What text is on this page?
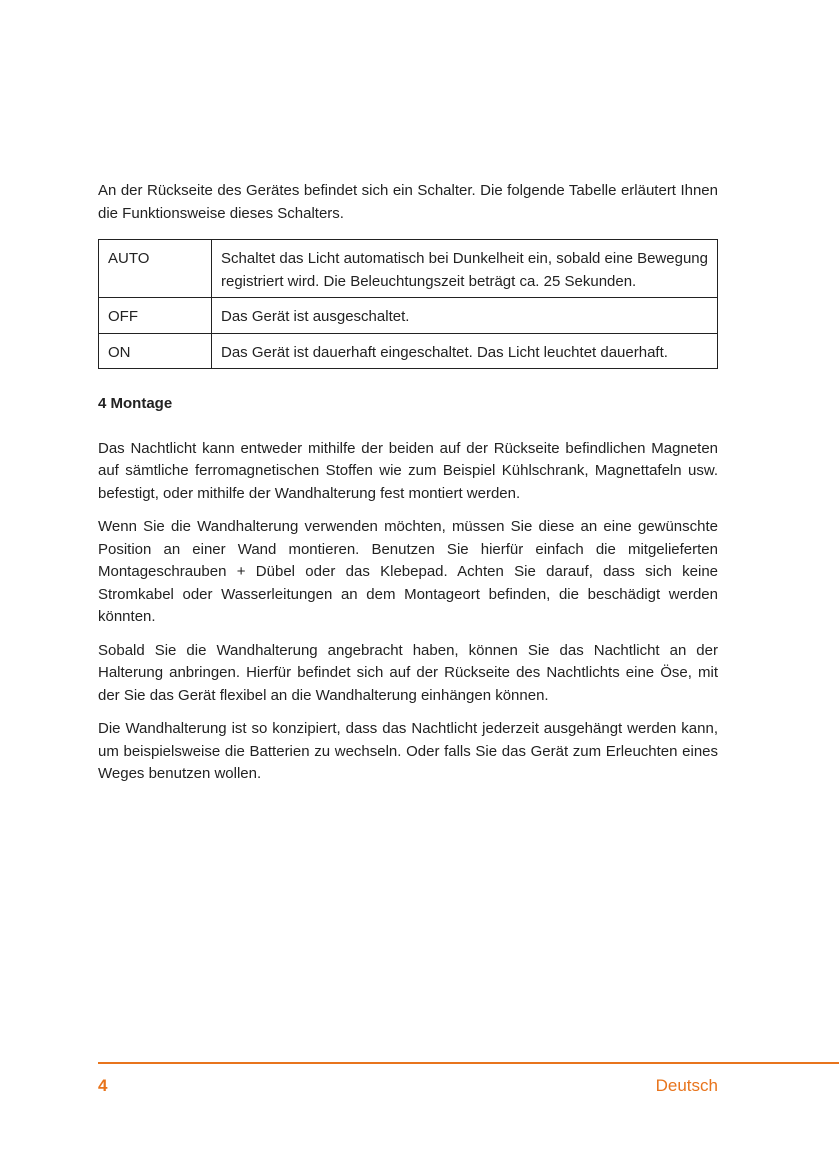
An der Rückseite des Gerätes befindet sich ein Schalter. Die folgende Tabelle erläutert Ihnen die Funktionsweise dieses Schalters.

AUTO	Schaltet das Licht automatisch bei Dunkelheit ein, sobald eine Bewegung registriert wird. Die Beleuchtungszeit beträgt ca. 25 Sekunden.
OFF	Das Gerät ist ausgeschaltet.
ON	Das Gerät ist dauerhaft eingeschaltet. Das Licht leuchtet dauerhaft.
4 Montage

Das Nachtlicht kann entweder mithilfe der beiden auf der Rückseite befindlichen Magneten auf sämtliche ferromagnetischen Stoffen wie zum Beispiel Kühlschrank, Magnettafeln usw. befestigt, oder mithilfe der Wandhalterung fest montiert werden.

Wenn Sie die Wandhalterung verwenden möchten, müssen Sie diese an eine gewünschte Position an einer Wand montieren. Benutzen Sie hierfür einfach die mitgelieferten Montageschrauben + Dübel oder das Klebepad. Achten Sie darauf, dass sich keine Stromkabel oder Wasserleitungen an dem Montageort befinden, die beschädigt werden könnten.

Sobald Sie die Wandhalterung angebracht haben, können Sie das Nachtlicht an der Halterung anbringen. Hierfür befindet sich auf der Rückseite des Nachtlichts eine Öse, mit der Sie das Gerät flexibel an die Wandhalterung einhängen können.

Die Wandhalterung ist so konzipiert, dass das Nachtlicht jederzeit ausgehängt werden kann, um beispielsweise die Batterien zu wechseln. Oder falls Sie das Gerät zum Erleuchten eines Weges benutzen wollen.

4	Deutsch
